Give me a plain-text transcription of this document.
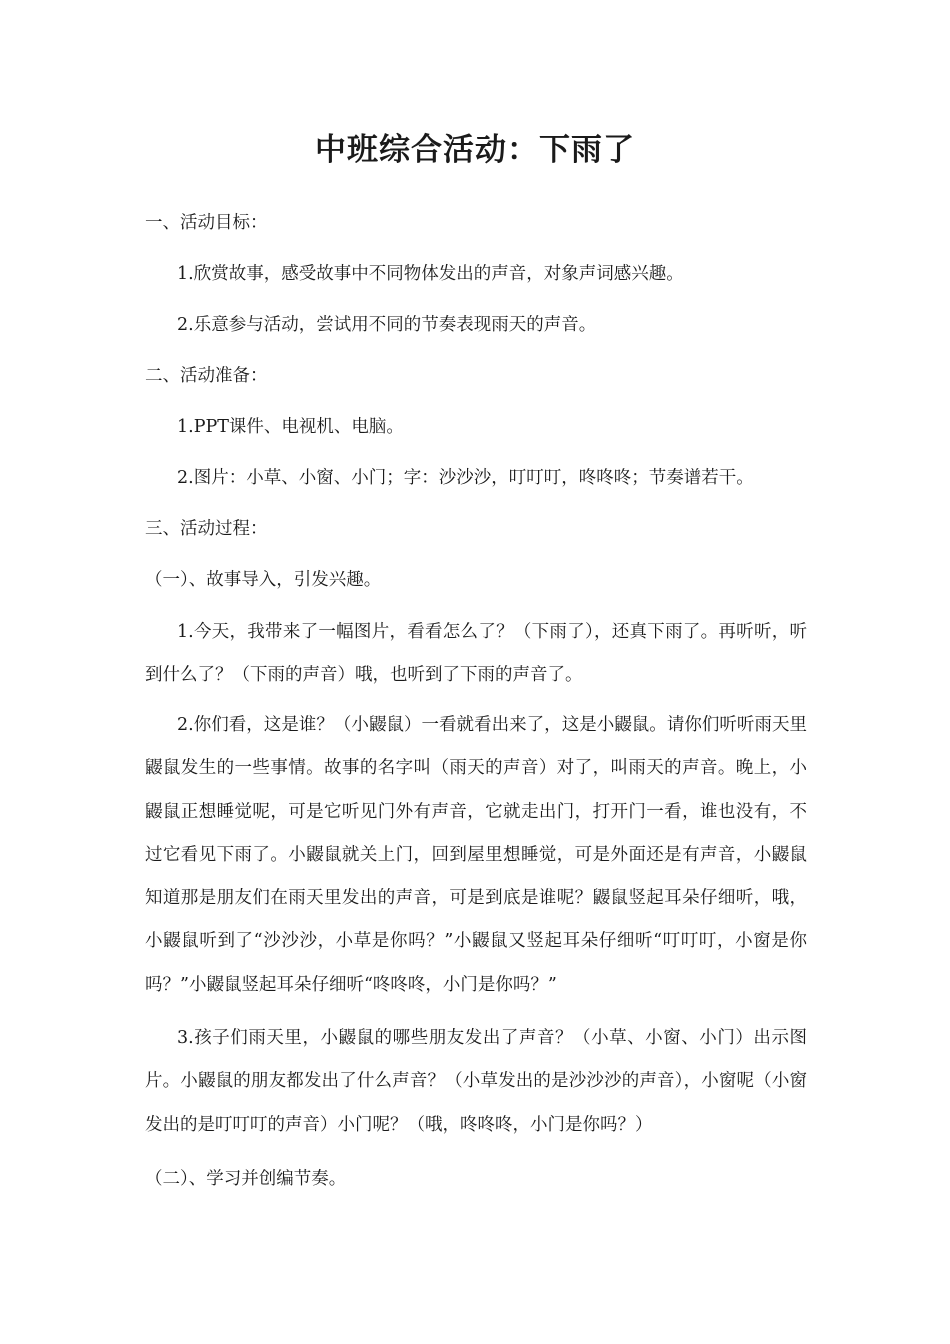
中班综合活动：下雨了

一、活动目标：

1.欣赏故事，感受故事中不同物体发出的声音，对象声词感兴趣。

2.乐意参与活动，尝试用不同的节奏表现雨天的声音。

二、活动准备：

1.PPT课件、电视机、电脑。

2.图片：小草、小窗、小门；字：沙沙沙，叮叮叮，咚咚咚；节奏谱若干。

三、活动过程：

（一）、故事导入，引发兴趣。

1.今天，我带来了一幅图片，看看怎么了？（下雨了），还真下雨了。再听听，听到什么了？（下雨的声音）哦，也听到了下雨的声音了。

2.你们看，这是谁？（小鼹鼠）一看就看出来了，这是小鼹鼠。请你们听听雨天里鼹鼠发生的一些事情。故事的名字叫（雨天的声音）对了，叫雨天的声音。晚上，小鼹鼠正想睡觉呢，可是它听见门外有声音，它就走出门，打开门一看，谁也没有，不过它看见下雨了。小鼹鼠就关上门，回到屋里想睡觉，可是外面还是有声音，小鼹鼠知道那是朋友们在雨天里发出的声音，可是到底是谁呢？鼹鼠竖起耳朵仔细听，哦，小鼹鼠听到了“沙沙沙，小草是你吗？”小鼹鼠又竖起耳朵仔细听“叮叮叮，小窗是你吗？”小鼹鼠竖起耳朵仔细听“咚咚咚，小门是你吗？”

3.孩子们雨天里，小鼹鼠的哪些朋友发出了声音？（小草、小窗、小门）出示图片。小鼹鼠的朋友都发出了什么声音？（小草发出的是沙沙沙的声音），小窗呢（小窗发出的是叮叮叮的声音）小门呢？（哦，咚咚咚，小门是你吗？）

（二）、学习并创编节奏。
